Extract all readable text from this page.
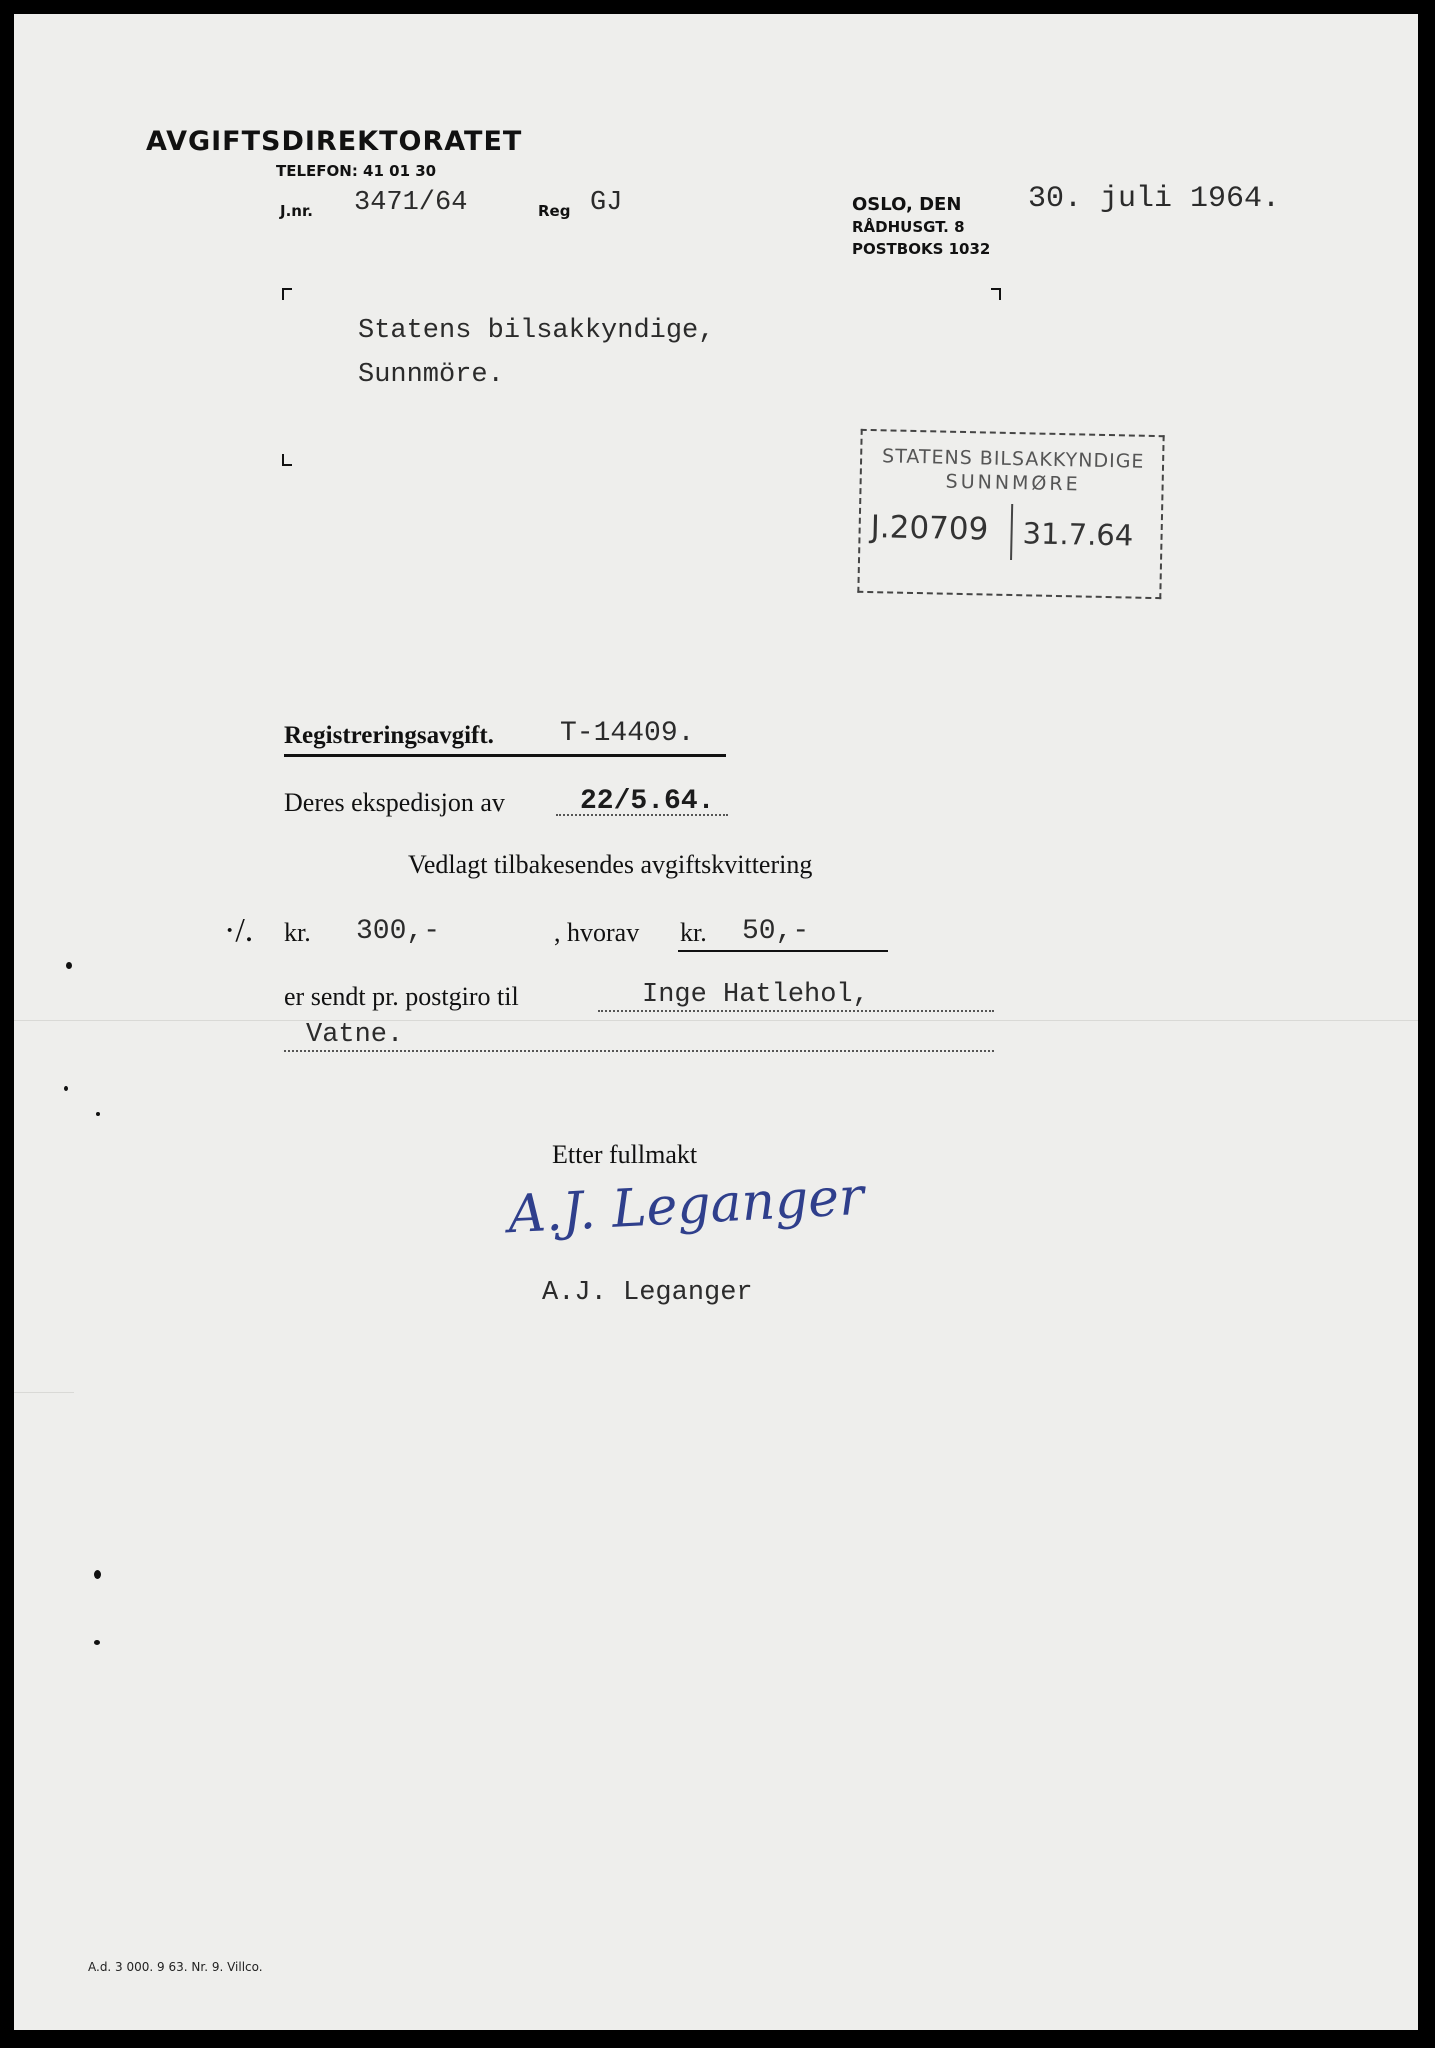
AVGIFTSDIREKTORATET
TELEFON: 41 01 30
J.nr. 3471/64	Reg GJ	OSLO, DEN 30. juli 1964.
RÅDHUSGT. 8
POSTBOKS 1032
Statens bilsakkyndige,
Sunnmöre.
STATENS BILSAKKYNDIGE
SUNNMØRE
J.20709 31.7.64
Registreringsavgift. T-14409.
Deres ekspedisjon av	22/5.64.
Vedlagt tilbakesendes avgiftskvittering
·/. kr. 300,-	, hvorav kr. 50,-
er sendt pr. postgiro til	Inge Hatlehol,
Vatne.
Etter fullmakt
A.J. Leganger
A.J. Leganger
A.d. 3 000. 9 63. Nr. 9. Villco.
